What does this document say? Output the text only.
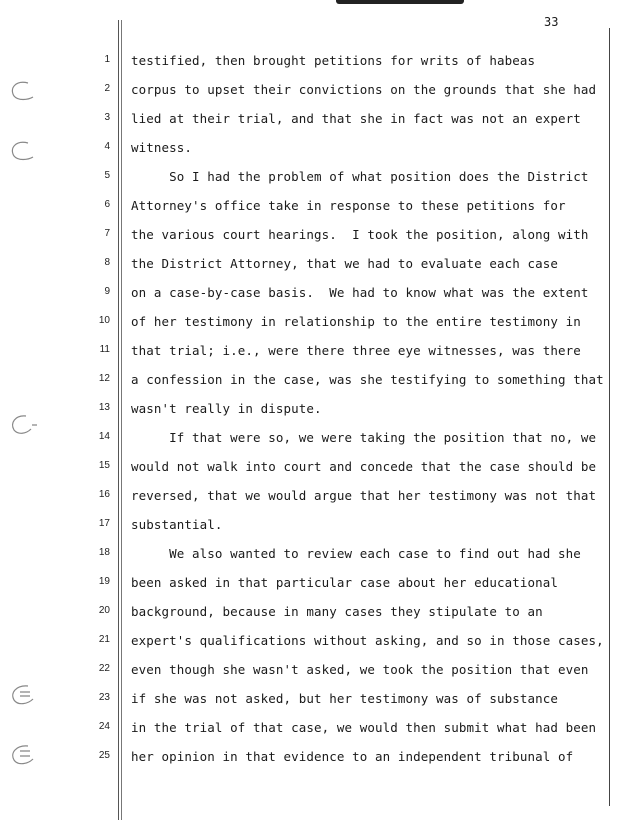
33
1 testified, then brought petitions for writs of habeas
2 corpus to upset their convictions on the grounds that she had
3 lied at their trial, and that she in fact was not an expert
4 witness.
5 So I had the problem of what position does the District
6 Attorney's office take in response to these petitions for
7 the various court hearings.  I took the position, along with
8 the District Attorney, that we had to evaluate each case
9 on a case-by-case basis.  We had to know what was the extent
10 of her testimony in relationship to the entire testimony in
11 that trial; i.e., were there three eye witnesses, was there
12 a confession in the case, was she testifying to something that
13 wasn't really in dispute.
14 If that were so, we were taking the position that no, we
15 would not walk into court and concede that the case should be
16 reversed, that we would argue that her testimony was not that
17 substantial.
18 We also wanted to review each case to find out had she
19 been asked in that particular case about her educational
20 background, because in many cases they stipulate to an
21 expert's qualifications without asking, and so in those cases,
22 even though she wasn't asked, we took the position that even
23 if she was not asked, but her testimony was of substance
24 in the trial of that case, we would then submit what had been
25 her opinion in that evidence to an independent tribunal of
